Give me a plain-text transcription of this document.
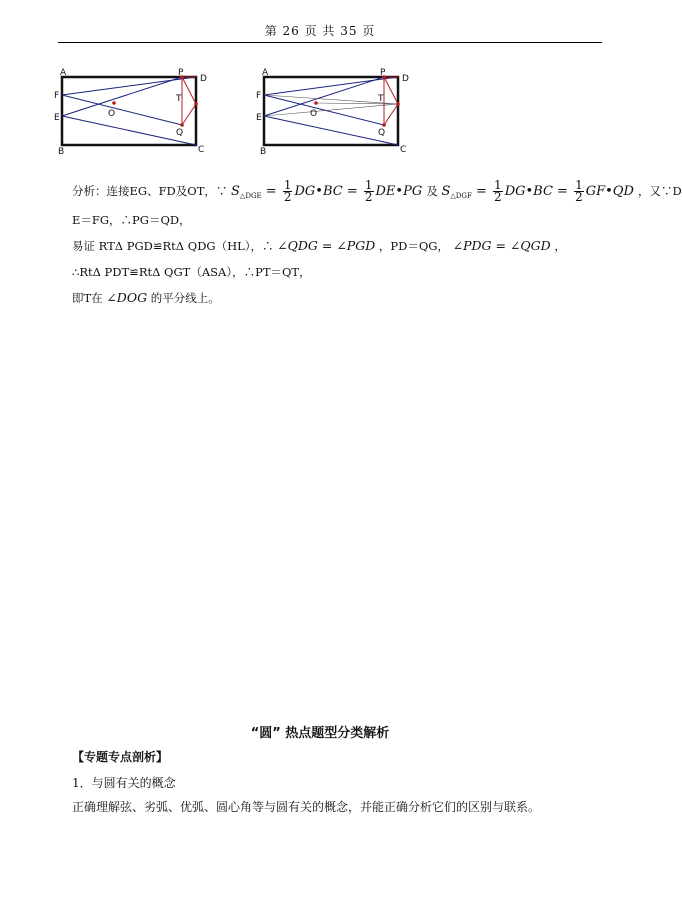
第 26 页 共 35 页
A	P
D
F	T
E	O
Q
B	C
A	P
D
F	T
E	O
Q
B	C
分析：连接EG、FD及OT，∵ $S_{\triangle DGE} = \frac{1}{2}$ DG•BC = $\frac{1}{2}$ DE•PG 及 $S_{\triangle DGF} = \frac{1}{2}$ DG•BC = $\frac{1}{2}$ GF•QD ，又∵D
E＝FG，∴PG＝QD，
易证 RTΔ PGD≌RtΔ QDG（HL），∴ ∠QDG = ∠PGD ，PD＝QG， ∠PDG = ∠QGD ，
∴RtΔ PDT≌RtΔ QGT（ASA），∴PT＝QT，
即T在 ∠DOG 的平分线上。
“圆” 热点题型分类解析
【专题专点剖析】
1．与圆有关的概念
正确理解弦、劣弧、优弧、圆心角等与圆有关的概念，并能正确分析它们的区别与联系。
